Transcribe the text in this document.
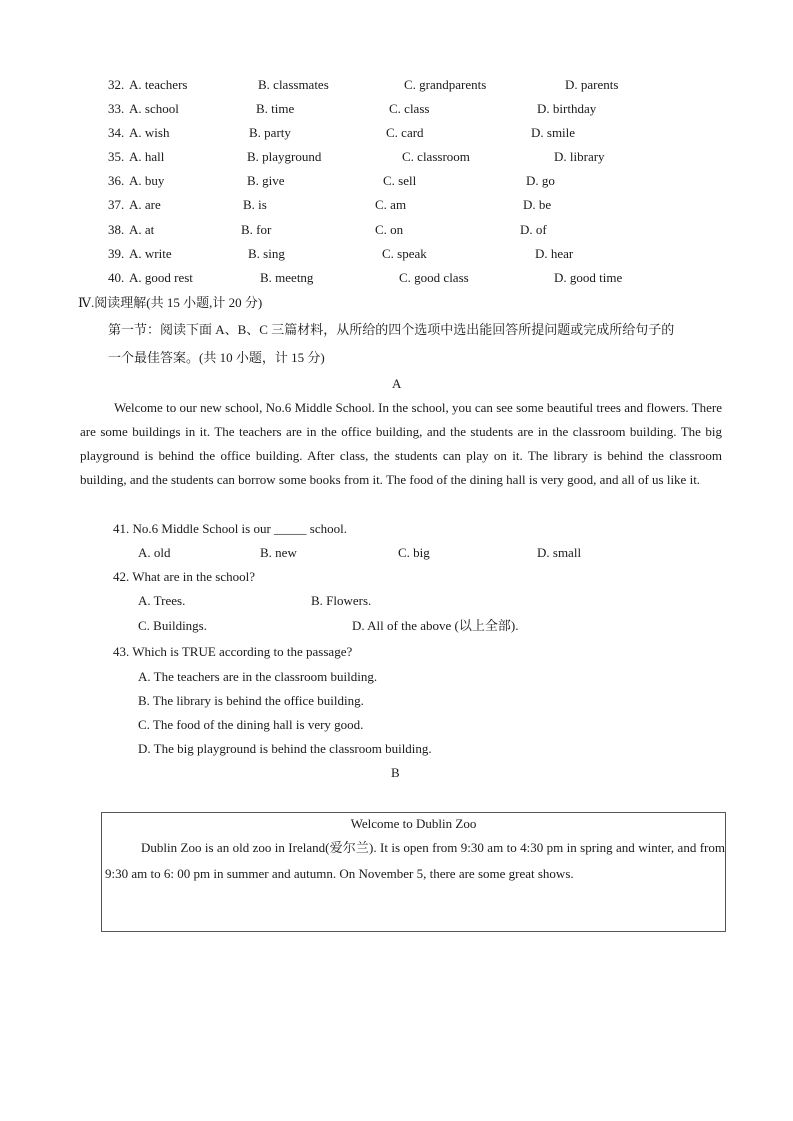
32. A. teachers	B. classmates	C. grandparents	D. parents
33. A. school	B. time	C. class	D. birthday
34. A. wish	B. party	C. card	D. smile
35. A. hall	B. playground	C. classroom	D. library
36. A. buy	B. give	C. sell	D. go
37. A. are	B. is	C. am	D. be
38. A. at	B. for	C. on	D. of
39. A. write	B. sing	C. speak	D. hear
40. A. good rest	B. meetng	C. good class	D. good time
Ⅳ.阅读理解(共 15 小题,计 20 分)
第一节：阅读下面 A、B、C 三篇材料，从所给的四个选项中选出能回答所提问题或完成所给句子的
一个最佳答案。(共 10 小题，计 15 分)
A
Welcome to our new school, No.6 Middle School. In the school, you can see some beautiful trees and flowers. There are some buildings in it. The teachers are in the office building, and the students are in the classroom building. The big playground is behind the office building. After class, the students can play on it. The library is behind the classroom building, and the students can borrow some books from it. The food of the dining hall is very good, and all of us like it.
41. No.6 Middle School is our _____ school.
A. old	B. new	C. big	D. small
42. What are in the school?
A. Trees.	B. Flowers.
C. Buildings.	D. All of the above (以上全部).
43. Which is TRUE according to the passage?
A. The teachers are in the classroom building.
B. The library is behind the office building.
C. The food of the dining hall is very good.
D. The big playground is behind the classroom building.
B
Welcome to Dublin Zoo
Dublin Zoo is an old zoo in Ireland(爱尔兰). It is open from 9:30 am to 4:30 pm in spring and winter, and from 9:30 am to 6: 00 pm in summer and autumn. On November 5, there are some great shows.
